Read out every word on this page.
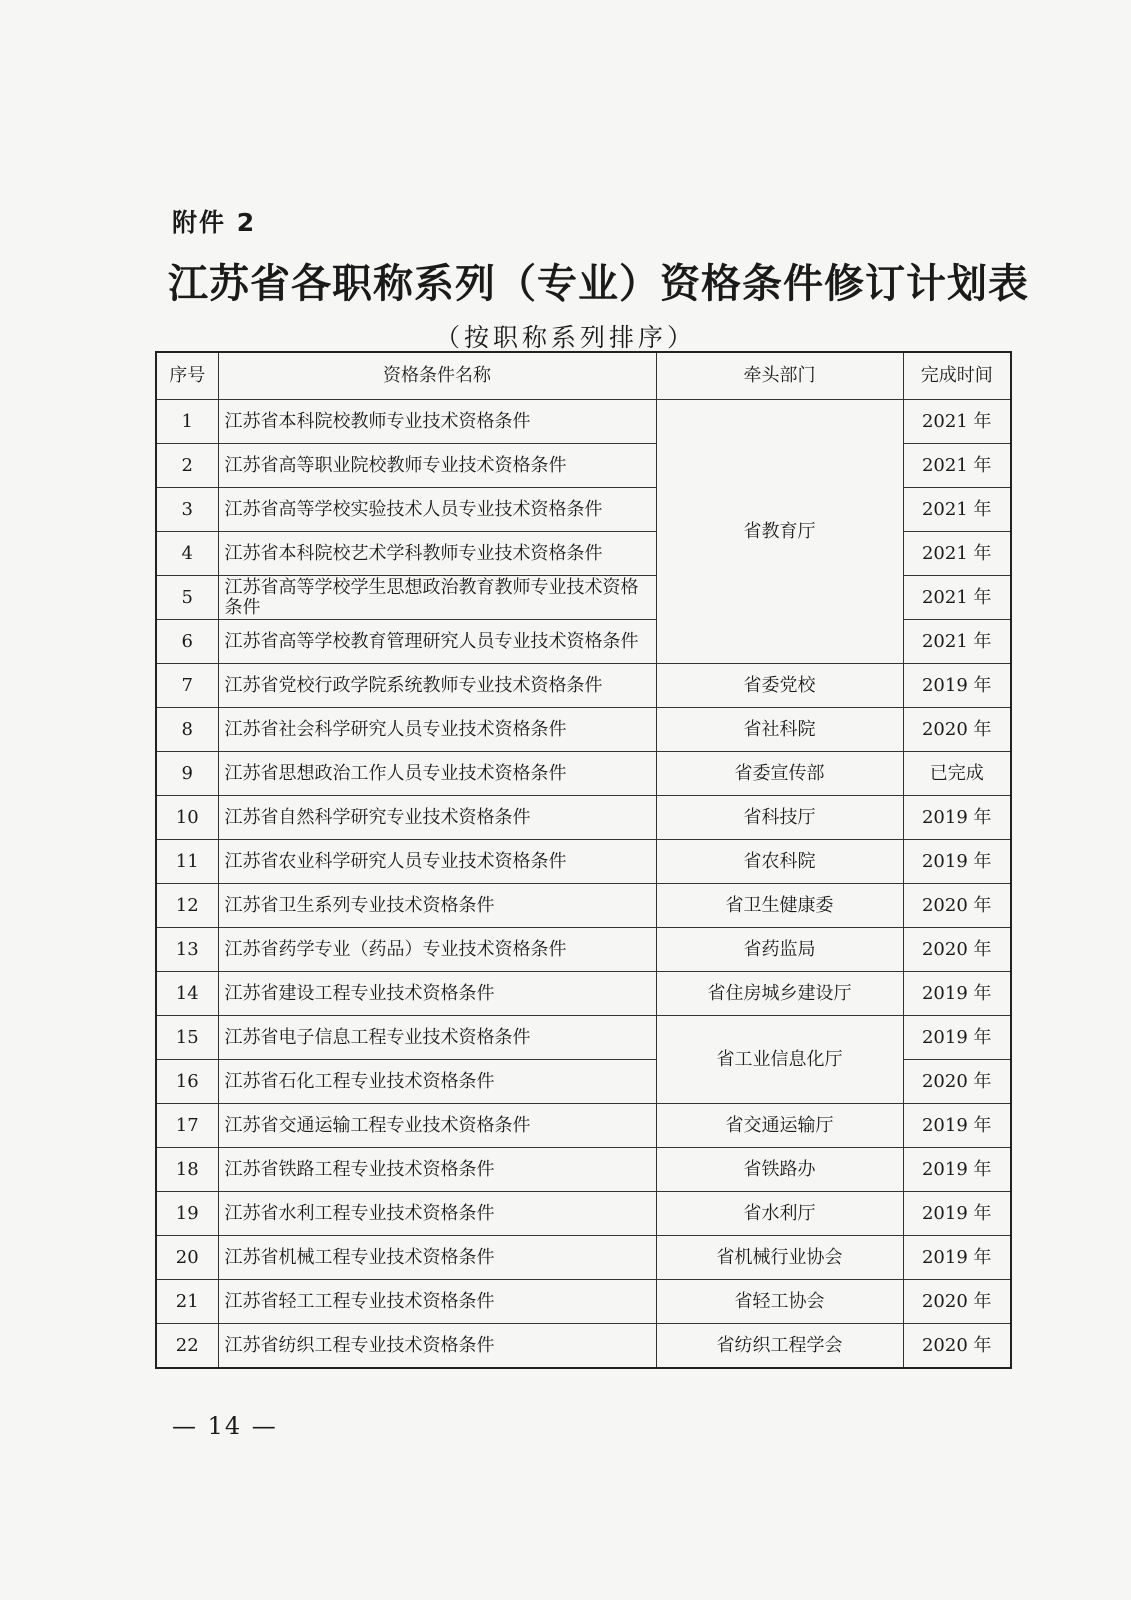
附件 2
江苏省各职称系列（专业）资格条件修订计划表
（按职称系列排序）
序号	资格条件名称	牵头部门	完成时间
1	江苏省本科院校教师专业技术资格条件	省教育厅	2021 年
2	江苏省高等职业院校教师专业技术资格条件		2021 年
3	江苏省高等学校实验技术人员专业技术资格条件		2021 年
4	江苏省本科院校艺术学科教师专业技术资格条件		2021 年
5	江苏省高等学校学生思想政治教育教师专业技术资格条件		2021 年
6	江苏省高等学校教育管理研究人员专业技术资格条件		2021 年
7	江苏省党校行政学院系统教师专业技术资格条件	省委党校	2019 年
8	江苏省社会科学研究人员专业技术资格条件	省社科院	2020 年
9	江苏省思想政治工作人员专业技术资格条件	省委宣传部	已完成
10	江苏省自然科学研究专业技术资格条件	省科技厅	2019 年
11	江苏省农业科学研究人员专业技术资格条件	省农科院	2019 年
12	江苏省卫生系列专业技术资格条件	省卫生健康委	2020 年
13	江苏省药学专业（药品）专业技术资格条件	省药监局	2020 年
14	江苏省建设工程专业技术资格条件	省住房城乡建设厅	2019 年
15	江苏省电子信息工程专业技术资格条件	省工业信息化厅	2019 年
16	江苏省石化工程专业技术资格条件		2020 年
17	江苏省交通运输工程专业技术资格条件	省交通运输厅	2019 年
18	江苏省铁路工程专业技术资格条件	省铁路办	2019 年
19	江苏省水利工程专业技术资格条件	省水利厅	2019 年
20	江苏省机械工程专业技术资格条件	省机械行业协会	2019 年
21	江苏省轻工工程专业技术资格条件	省轻工协会	2020 年
22	江苏省纺织工程专业技术资格条件	省纺织工程学会	2020 年
— 14 —
